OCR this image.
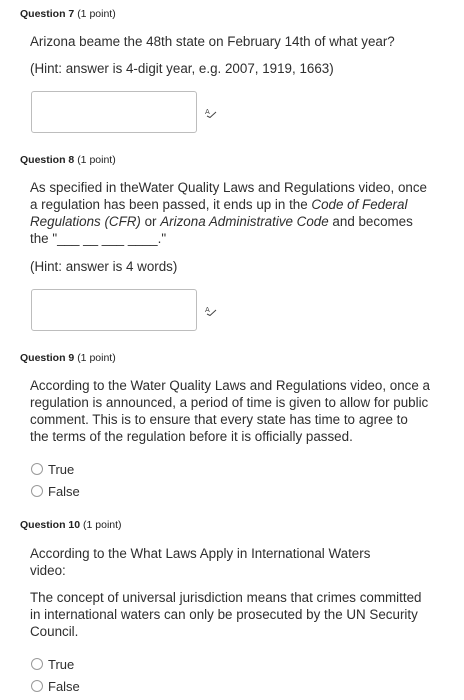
Question 7 (1 point)
Arizona beame the 48th state on February 14th of what year?
(Hint: answer is 4-digit year, e.g. 2007, 1919, 1663)
A
Question 8 (1 point)
As specified in theWater Quality Laws and Regulations video, once a regulation has been passed, it ends up in the Code of Federal Regulations (CFR) or Arizona Administrative Code and becomes the "___ __ ___ ____."
(Hint: answer is 4 words)
A
Question 9 (1 point)
According to the Water Quality Laws and Regulations video, once a regulation is announced, a period of time is given to allow for public comment. This is to ensure that every state has time to agree to the terms of the regulation before it is officially passed.
True
False
Question 10 (1 point)
According to the What Laws Apply in International Waters video:
The concept of universal jurisdiction means that crimes committed in international waters can only be prosecuted by the UN Security Council.
True
False
